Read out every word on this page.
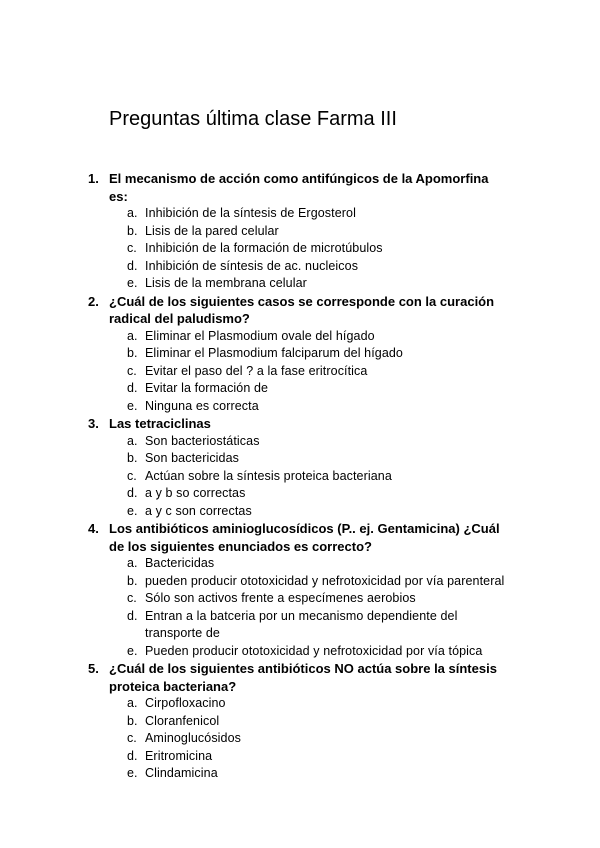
Preguntas última clase Farma III
1. El mecanismo de acción como antifúngicos de la Apomorfina es:
a. Inhibición de la síntesis de Ergosterol
b. Lisis de la pared celular
c. Inhibición de la formación de microtúbulos
d. Inhibición de síntesis de ac. nucleicos
e. Lisis de la membrana celular
2. ¿Cuál de los siguientes casos se corresponde con la curación radical del paludismo?
a. Eliminar el Plasmodium ovale del hígado
b. Eliminar el Plasmodium falciparum del hígado
c. Evitar el paso del ? a la fase eritrocítica
d. Evitar la formación de
e. Ninguna es correcta
3. Las tetraciclinas
a. Son bacteriostáticas
b. Son bactericidas
c. Actúan sobre la síntesis proteica bacteriana
d. a y b so correctas
e. a y c son correctas
4. Los antibióticos aminioglucosídicos (P.. ej. Gentamicina) ¿Cuál de los siguientes enunciados es correcto?
a. Bactericidas
b. pueden producir ototoxicidad y nefrotoxicidad por vía parenteral
c. Sólo son activos frente a especímenes aerobios
d. Entran a la batceria por un mecanismo dependiente del transporte de
e. Pueden producir ototoxicidad y nefrotoxicidad por vía tópica
5. ¿Cuál de los siguientes antibióticos NO actúa sobre la síntesis proteica bacteriana?
a. Cirpofloxacino
b. Cloranfenicol
c. Aminoglucósidos
d. Eritromicina
e. Clindamicina
